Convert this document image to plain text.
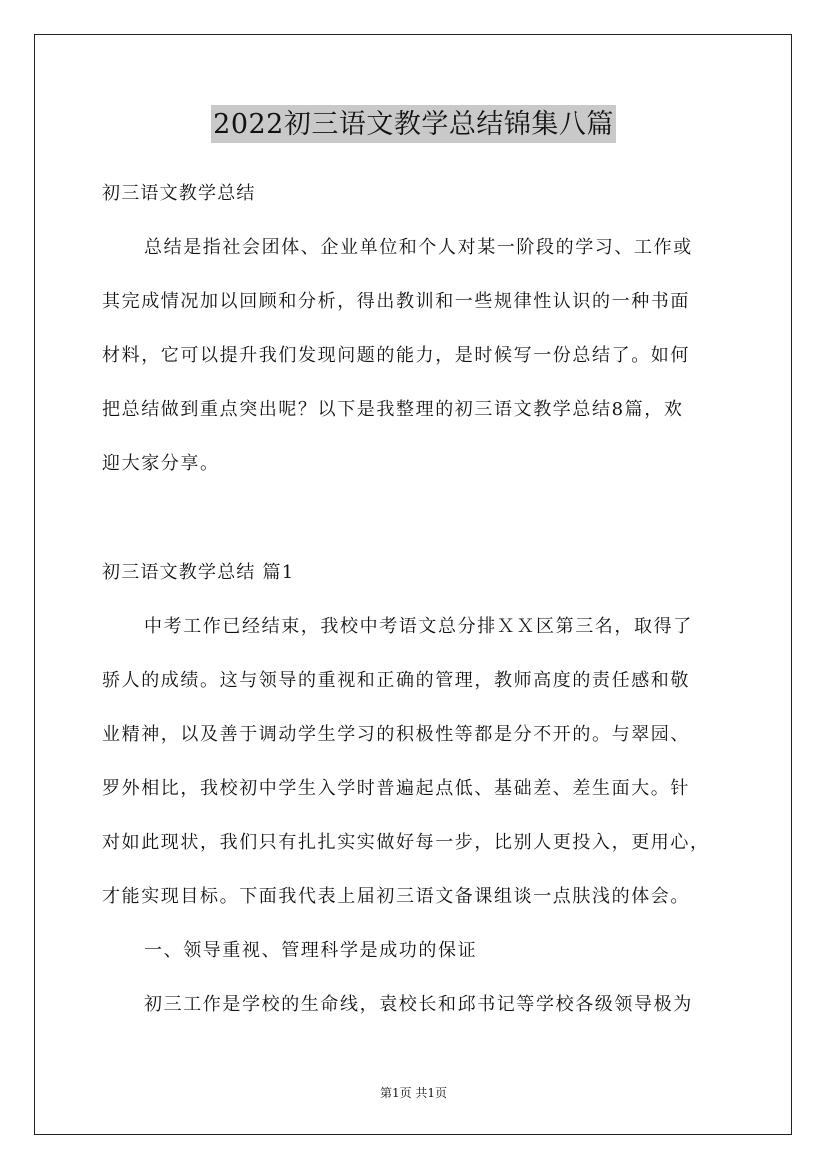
2022初三语文教学总结锦集八篇
初三语文教学总结
总结是指社会团体、企业单位和个人对某一阶段的学习、工作或
其完成情况加以回顾和分析，得出教训和一些规律性认识的一种书面
材料，它可以提升我们发现问题的能力，是时候写一份总结了。如何
把总结做到重点突出呢？以下是我整理的初三语文教学总结8篇，欢
迎大家分享。
初三语文教学总结 篇1
中考工作已经结束，我校中考语文总分排ＸＸ区第三名，取得了
骄人的成绩。这与领导的重视和正确的管理，教师高度的责任感和敬
业精神，以及善于调动学生学习的积极性等都是分不开的。与翠园、
罗外相比，我校初中学生入学时普遍起点低、基础差、差生面大。针
对如此现状，我们只有扎扎实实做好每一步，比别人更投入，更用心，
才能实现目标。下面我代表上届初三语文备课组谈一点肤浅的体会。
一、领导重视、管理科学是成功的保证
初三工作是学校的生命线，袁校长和邱书记等学校各级领导极为
第1页 共1页
